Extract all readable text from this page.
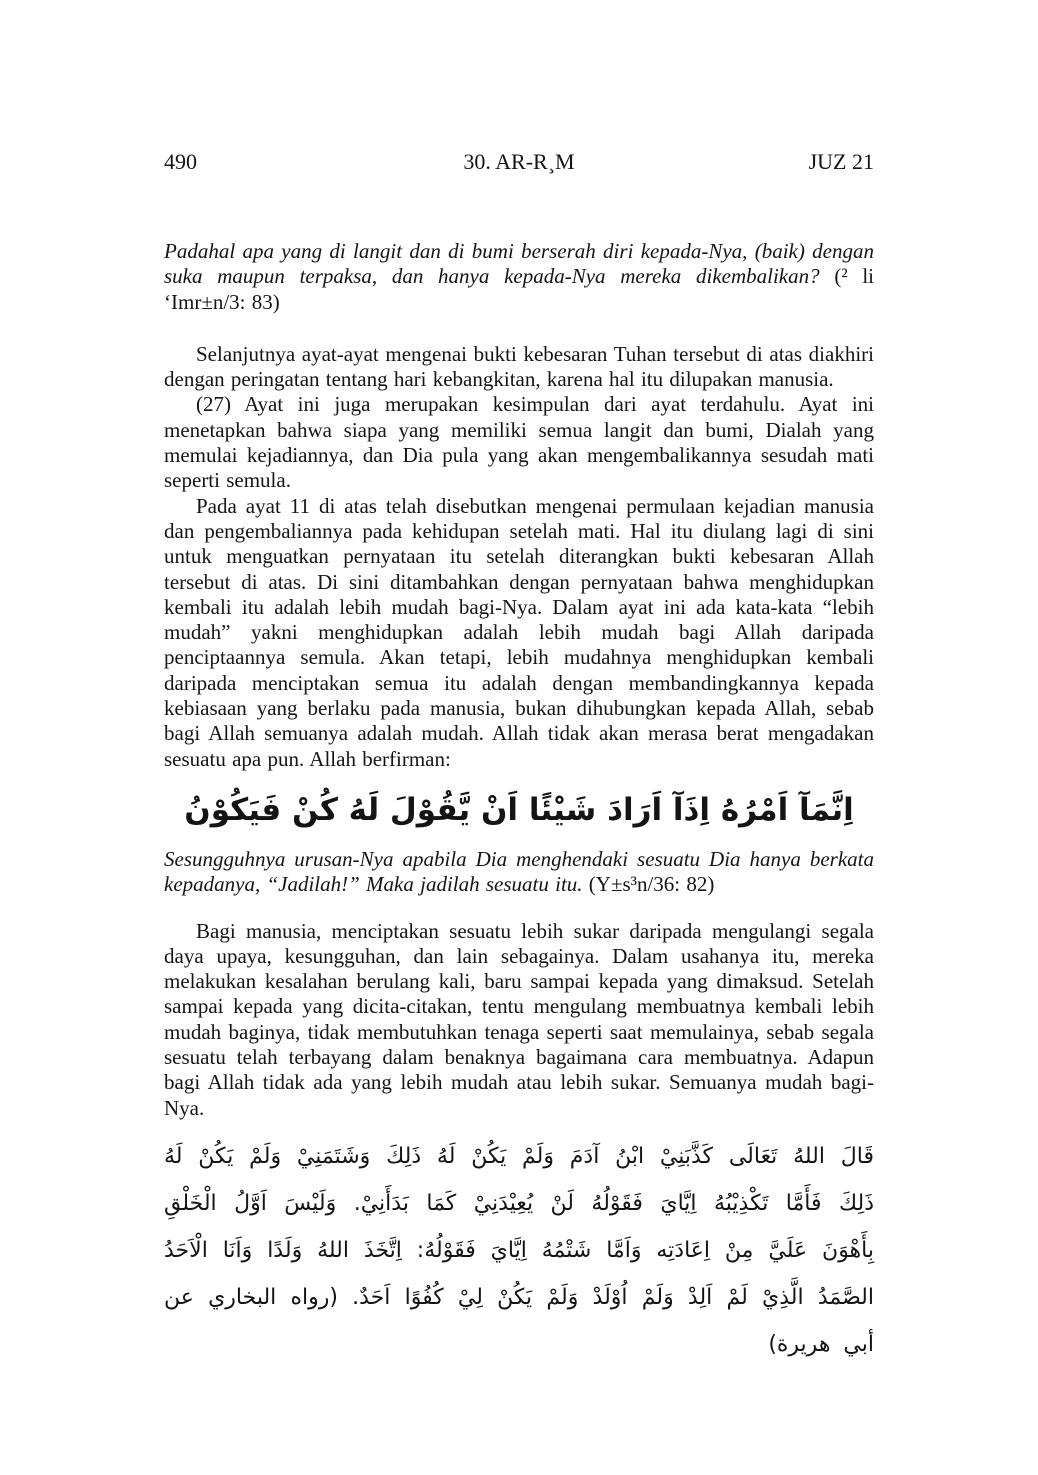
490	30. AR-R¸M	JUZ 21

Padahal apa yang di langit dan di bumi berserah diri kepada-Nya, (baik) dengan suka maupun terpaksa, dan hanya kepada-Nya mereka dikembalikan? (² li ‘Imr±n/3: 83)

Selanjutnya ayat-ayat mengenai bukti kebesaran Tuhan tersebut di atas diakhiri dengan peringatan tentang hari kebangkitan, karena hal itu dilupakan manusia.

(27) Ayat ini juga merupakan kesimpulan dari ayat terdahulu. Ayat ini menetapkan bahwa siapa yang memiliki semua langit dan bumi, Dialah yang memulai kejadiannya, dan Dia pula yang akan mengembalikannya sesudah mati seperti semula.

Pada ayat 11 di atas telah disebutkan mengenai permulaan kejadian manusia dan pengembaliannya pada kehidupan setelah mati. Hal itu diulang lagi di sini untuk menguatkan pernyataan itu setelah diterangkan bukti kebesaran Allah tersebut di atas. Di sini ditambahkan dengan pernyataan bahwa menghidupkan kembali itu adalah lebih mudah bagi-Nya. Dalam ayat ini ada kata-kata “lebih mudah” yakni menghidupkan adalah lebih mudah bagi Allah daripada penciptaannya semula. Akan tetapi, lebih mudahnya menghidupkan kembali daripada menciptakan semua itu adalah dengan membandingkannya kepada kebiasaan yang berlaku pada manusia, bukan dihubungkan kepada Allah, sebab bagi Allah semuanya adalah mudah. Allah tidak akan merasa berat mengadakan sesuatu apa pun. Allah berfirman:

اِنَّمَآ اَمْرُهُ اِذَآ اَرَادَ شَيْئًا اَنْ يَّقُوْلَ لَهُ كُنْ فَيَكُوْنُ

Sesungguhnya urusan-Nya apabila Dia menghendaki sesuatu Dia hanya berkata kepadanya, “Jadilah!” Maka jadilah sesuatu itu. (Y±s³n/36: 82)

Bagi manusia, menciptakan sesuatu lebih sukar daripada mengulangi segala daya upaya, kesungguhan, dan lain sebagainya. Dalam usahanya itu, mereka melakukan kesalahan berulang kali, baru sampai kepada yang dimaksud. Setelah sampai kepada yang dicita-citakan, tentu mengulang membuatnya kembali lebih mudah baginya, tidak membutuhkan tenaga seperti saat memulainya, sebab segala sesuatu telah terbayang dalam benaknya bagaimana cara membuatnya. Adapun bagi Allah tidak ada yang lebih mudah atau lebih sukar. Semuanya mudah bagi-Nya.

قَالَ اللهُ تَعَالَى كَذَّبَنِيْ ابْنُ آدَمَ وَلَمْ يَكُنْ لَهُ ذَلِكَ وَشَتَمَنِيْ وَلَمْ يَكُنْ لَهُ ذَلِكَ فَأَمَّا تَكْذِيْبُهُ اِيَّايَ فَقَوْلُهُ لَنْ يُعِيْدَنِيْ كَمَا بَدَأَنِيْ. وَلَيْسَ اَوَّلُ الْخَلْقِ بِأَهْوَنَ عَلَيَّ مِنْ اِعَادَتِه وَاَمَّا شَتْمُهُ اِيَّايَ فَقَوْلُهُ: اِتَّخَذَ اللهُ وَلَدًا وَاَنَا الْاَحَدُ الصَّمَدُ الَّذِيْ لَمْ اَلِدْ وَلَمْ اُوْلَدْ وَلَمْ يَكُنْ لِيْ كُفُوًا اَحَدٌ. (رواه البخاري عن أبي هريرة)
